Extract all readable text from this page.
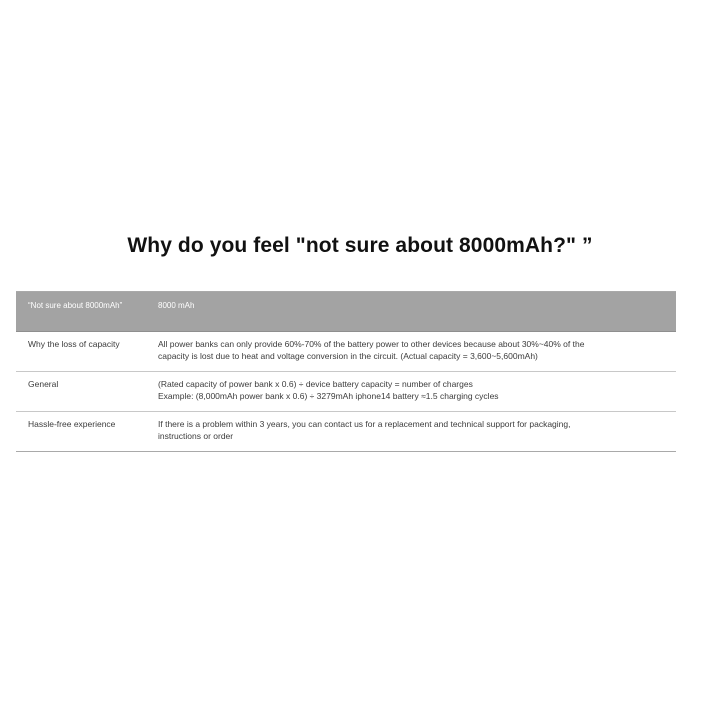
Why do you feel "not sure about 8000mAh?" ”
“Not sure about 8000mAh”	8000 mAh
Why the loss of capacity	All power banks can only provide 60%-70% of the battery power to other devices because about 30%~40% of the
capacity is lost due to heat and voltage conversion in the circuit. (Actual capacity = 3,600~5,600mAh)
General	(Rated capacity of power bank x 0.6) ÷ device battery capacity = number of charges
Example: (8,000mAh power bank x 0.6) ÷ 3279mAh iphone14 battery ≈1.5 charging cycles
Hassle-free experience	If there is a problem within 3 years, you can contact us for a replacement and technical support for packaging,
instructions or order
